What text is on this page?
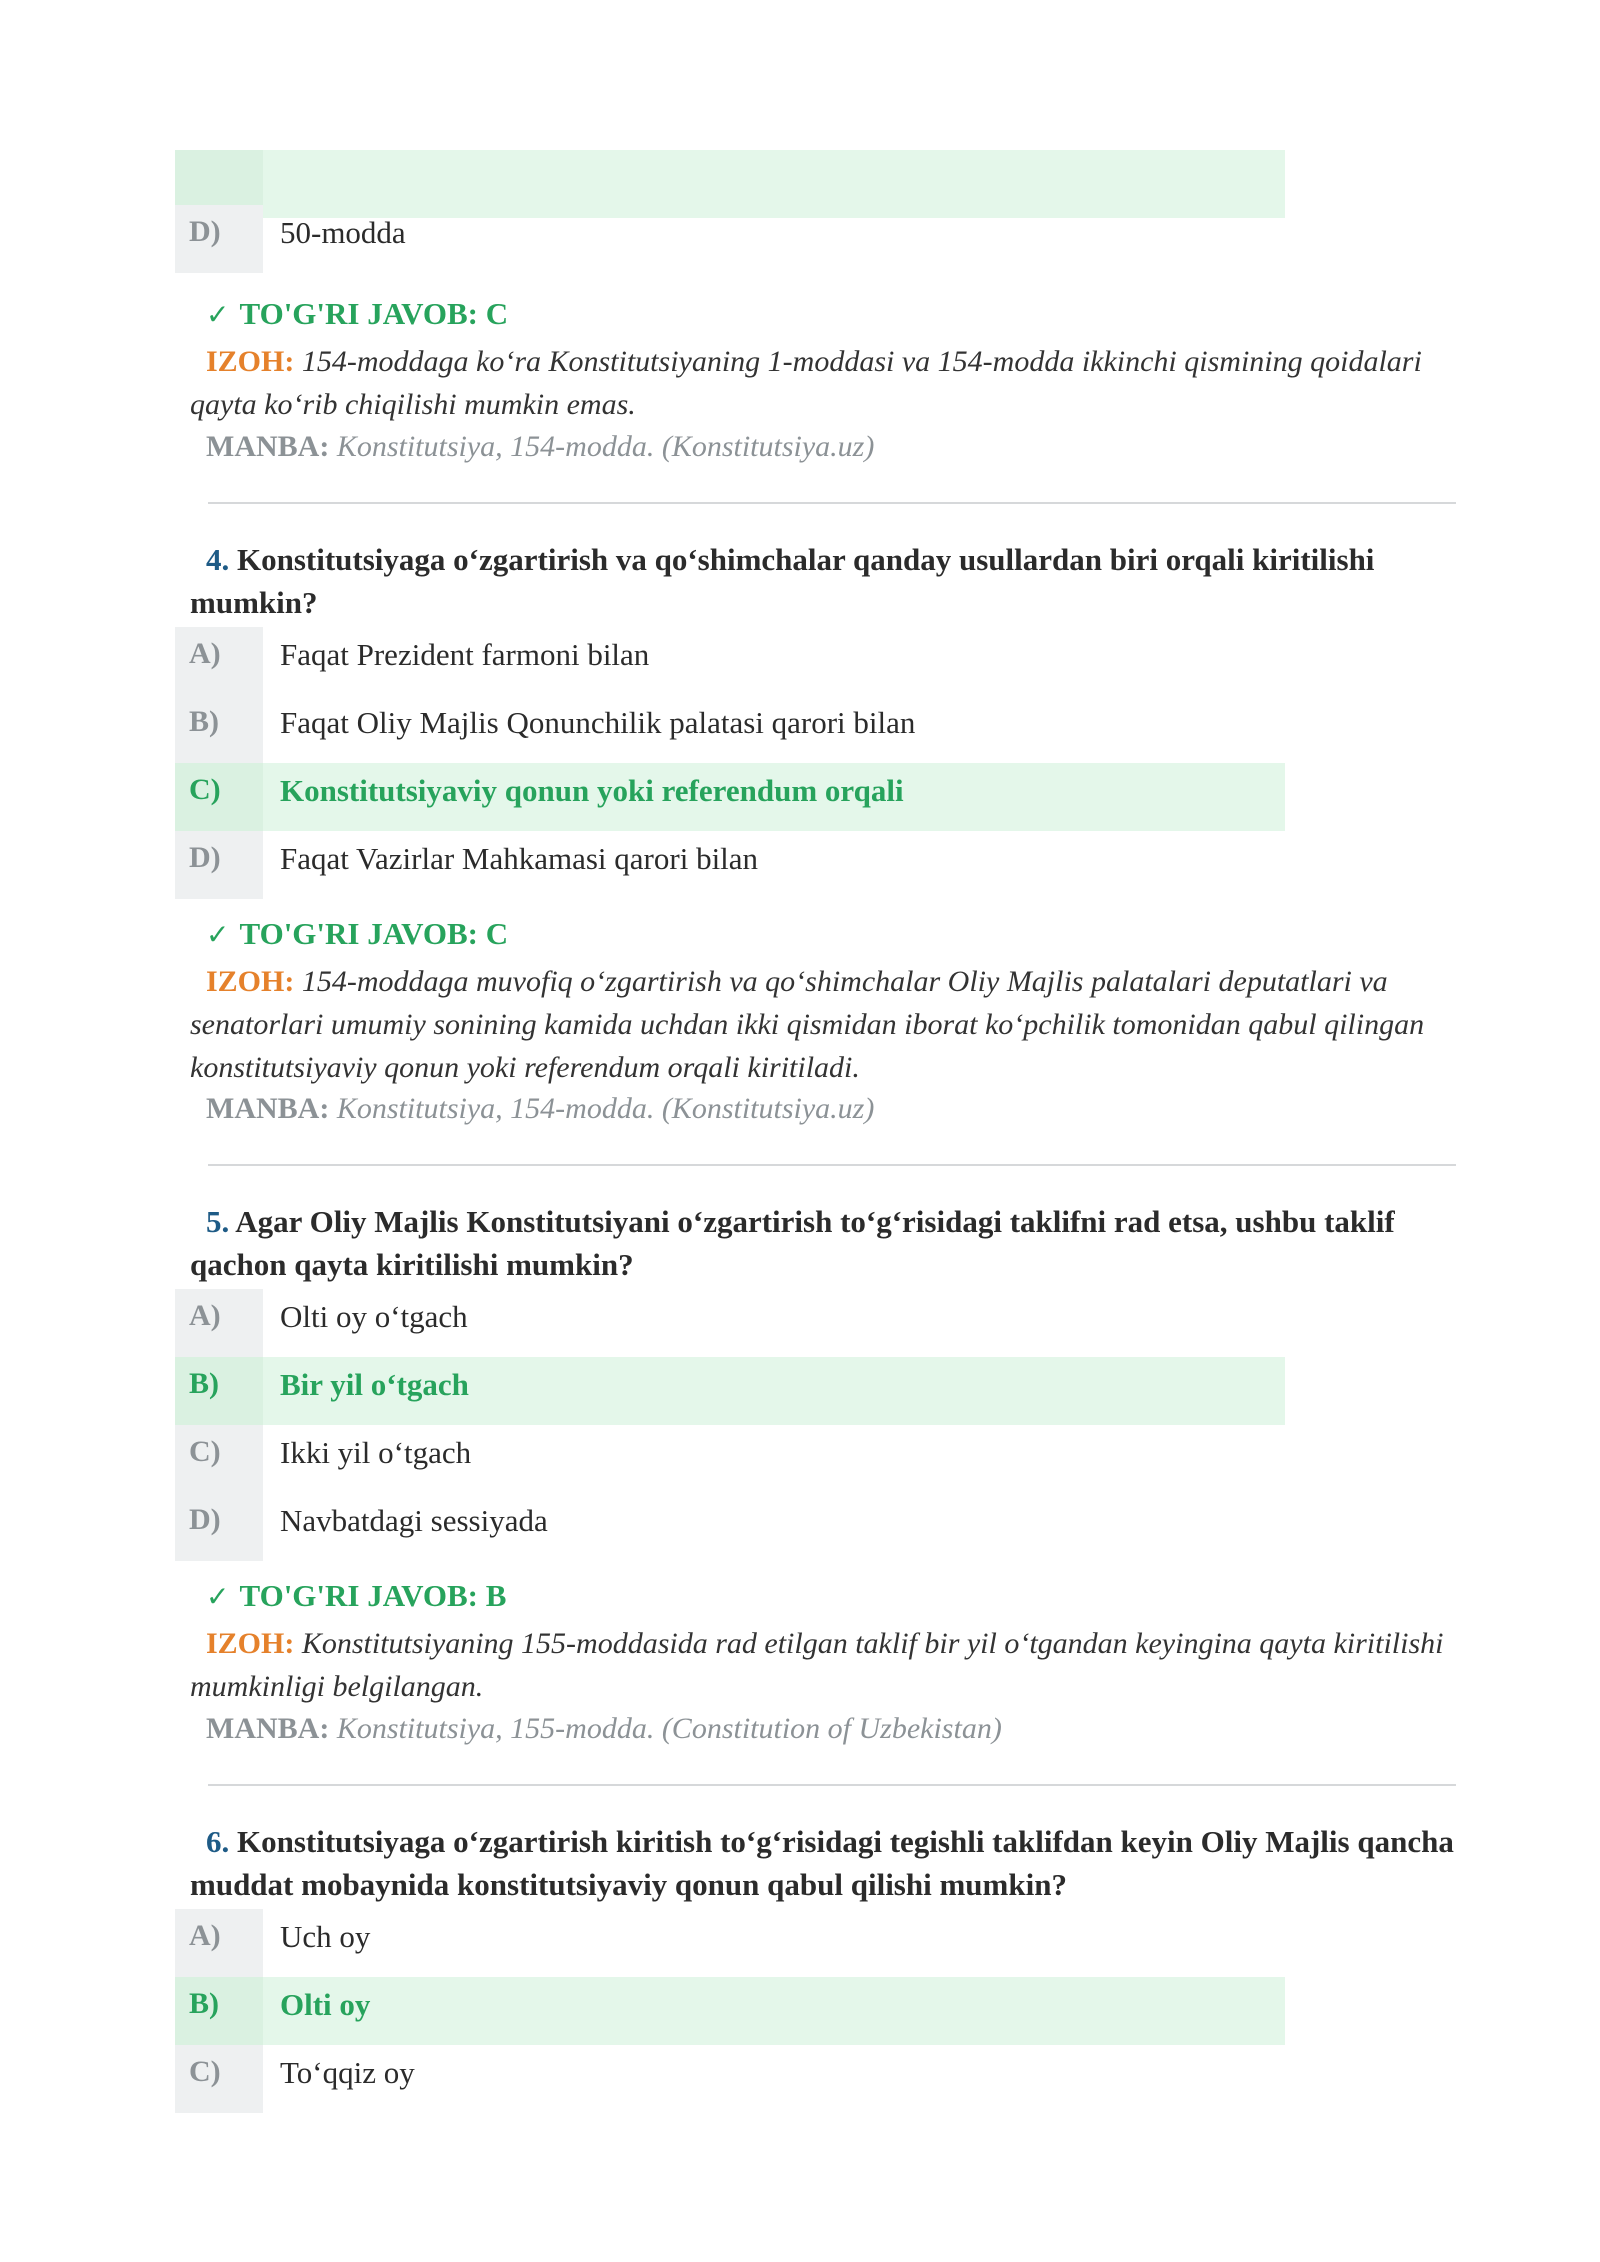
D) 50-modda
✓ TO'G'RI JAVOB: C
IZOH: 154-moddaga ko‘ra Konstitutsiyaning 1-moddasi va 154-modda ikkinchi qismining qoidalari qayta ko‘rib chiqilishi mumkin emas.
MANBA: Konstitutsiya, 154-modda. (Konstitutsiya.uz)
4. Konstitutsiyaga o‘zgartirish va qo‘shimchalar qanday usullardan biri orqali kiritilishi mumkin?
A) Faqat Prezident farmoni bilan
B) Faqat Oliy Majlis Qonunchilik palatasi qarori bilan
C) Konstitutsiyaviy qonun yoki referendum orqali
D) Faqat Vazirlar Mahkamasi qarori bilan
✓ TO'G'RI JAVOB: C
IZOH: 154-moddaga muvofiq o‘zgartirish va qo‘shimchalar Oliy Majlis palatalari deputatlari va senatorlari umumiy sonining kamida uchdan ikki qismidan iborat ko‘pchilik tomonidan qabul qilingan konstitutsiyaviy qonun yoki referendum orqali kiritiladi.
MANBA: Konstitutsiya, 154-modda. (Konstitutsiya.uz)
5. Agar Oliy Majlis Konstitutsiyani o‘zgartirish to‘g‘risidagi taklifni rad etsa, ushbu taklif qachon qayta kiritilishi mumkin?
A) Olti oy o‘tgach
B) Bir yil o‘tgach
C) Ikki yil o‘tgach
D) Navbatdagi sessiyada
✓ TO'G'RI JAVOB: B
IZOH: Konstitutsiyaning 155-moddasida rad etilgan taklif bir yil o‘tgandan keyingina qayta kiritilishi mumkinligi belgilangan.
MANBA: Konstitutsiya, 155-modda. (Constitution of Uzbekistan)
6. Konstitutsiyaga o‘zgartirish kiritish to‘g‘risidagi tegishli taklifdan keyin Oliy Majlis qancha muddat mobaynida konstitutsiyaviy qonun qabul qilishi mumkin?
A) Uch oy
B) Olti oy
C) To‘qqiz oy
